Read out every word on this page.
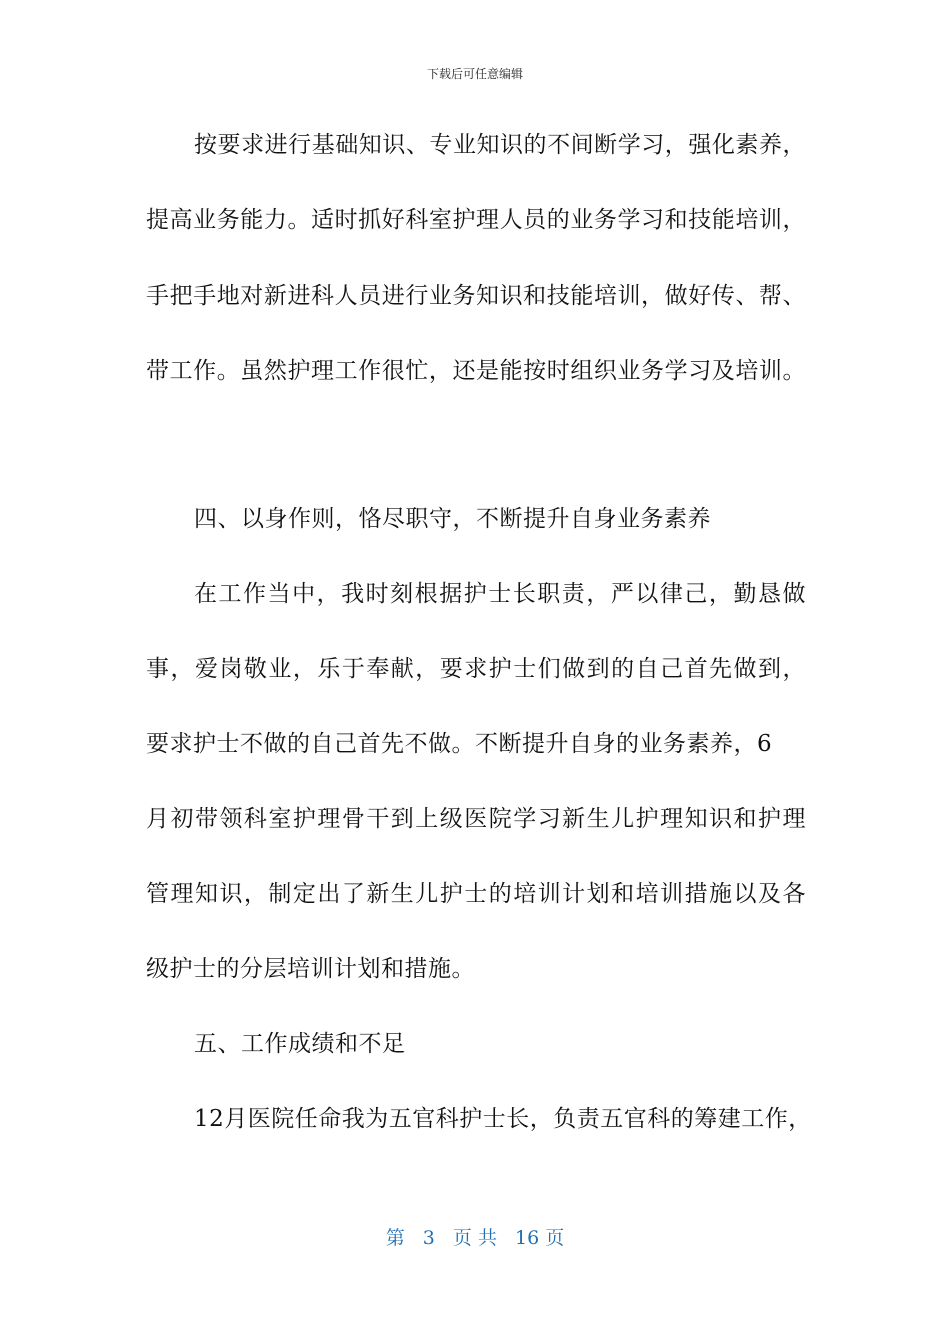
下载后可任意编辑
按要求进行基础知识、专业知识的不间断学习，强化素养，
提高业务能力。适时抓好科室护理人员的业务学习和技能培训，
手把手地对新进科人员进行业务知识和技能培训，做好传、帮、
带工作。虽然护理工作很忙，还是能按时组织业务学习及培训。
四、以身作则，恪尽职守，不断提升自身业务素养
在工作当中，我时刻根据护士长职责，严以律己，勤恳做
事，爱岗敬业，乐于奉献，要求护士们做到的自己首先做到，
要求护士不做的自己首先不做。不断提升自身的业务素养，6
月初带领科室护理骨干到上级医院学习新生儿护理知识和护理
管理知识，制定出了新生儿护士的培训计划和培训措施以及各
级护士的分层培训计划和措施。
五、工作成绩和不足
12月医院任命我为五官科护士长，负责五官科的筹建工作，
第 3 页 共 16 页
